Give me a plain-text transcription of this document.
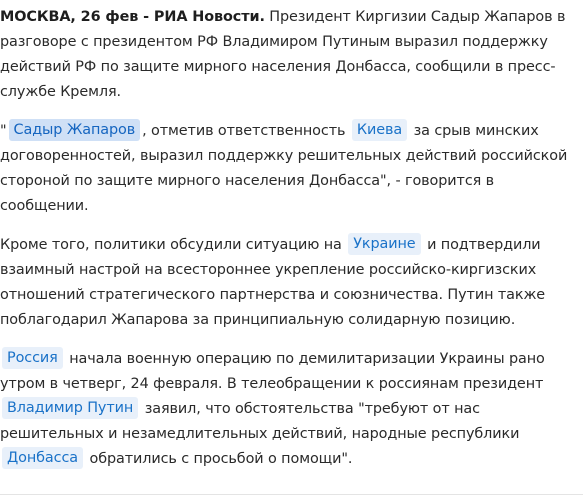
МОСКВА, 26 фев - РИА Новости. Президент Киргизии Садыр Жапаров в
разговоре с президентом РФ Владимиром Путиным выразил поддержку
действий РФ по защите мирного населения Донбасса, сообщили в пресс-
службе Кремля.

" Садыр Жапаров , отметив ответственность Киева за срыв минских
договоренностей, выразил поддержку решительных действий российской
стороной по защите мирного населения Донбасса", - говорится в
сообщении.

Кроме того, политики обсудили ситуацию на Украине и подтвердили
взаимный настрой на всестороннее укрепление российско-киргизских
отношений стратегического партнерства и союзничества. Путин также
поблагодарил Жапарова за принципиальную солидарную позицию.

Россия начала военную операцию по демилитаризации Украины рано
утром в четверг, 24 февраля. В телеобращении к россиянам президент
Владимир Путин заявил, что обстоятельства "требуют от нас
решительных и незамедлительных действий, народные республики
Донбасса обратились с просьбой о помощи".
